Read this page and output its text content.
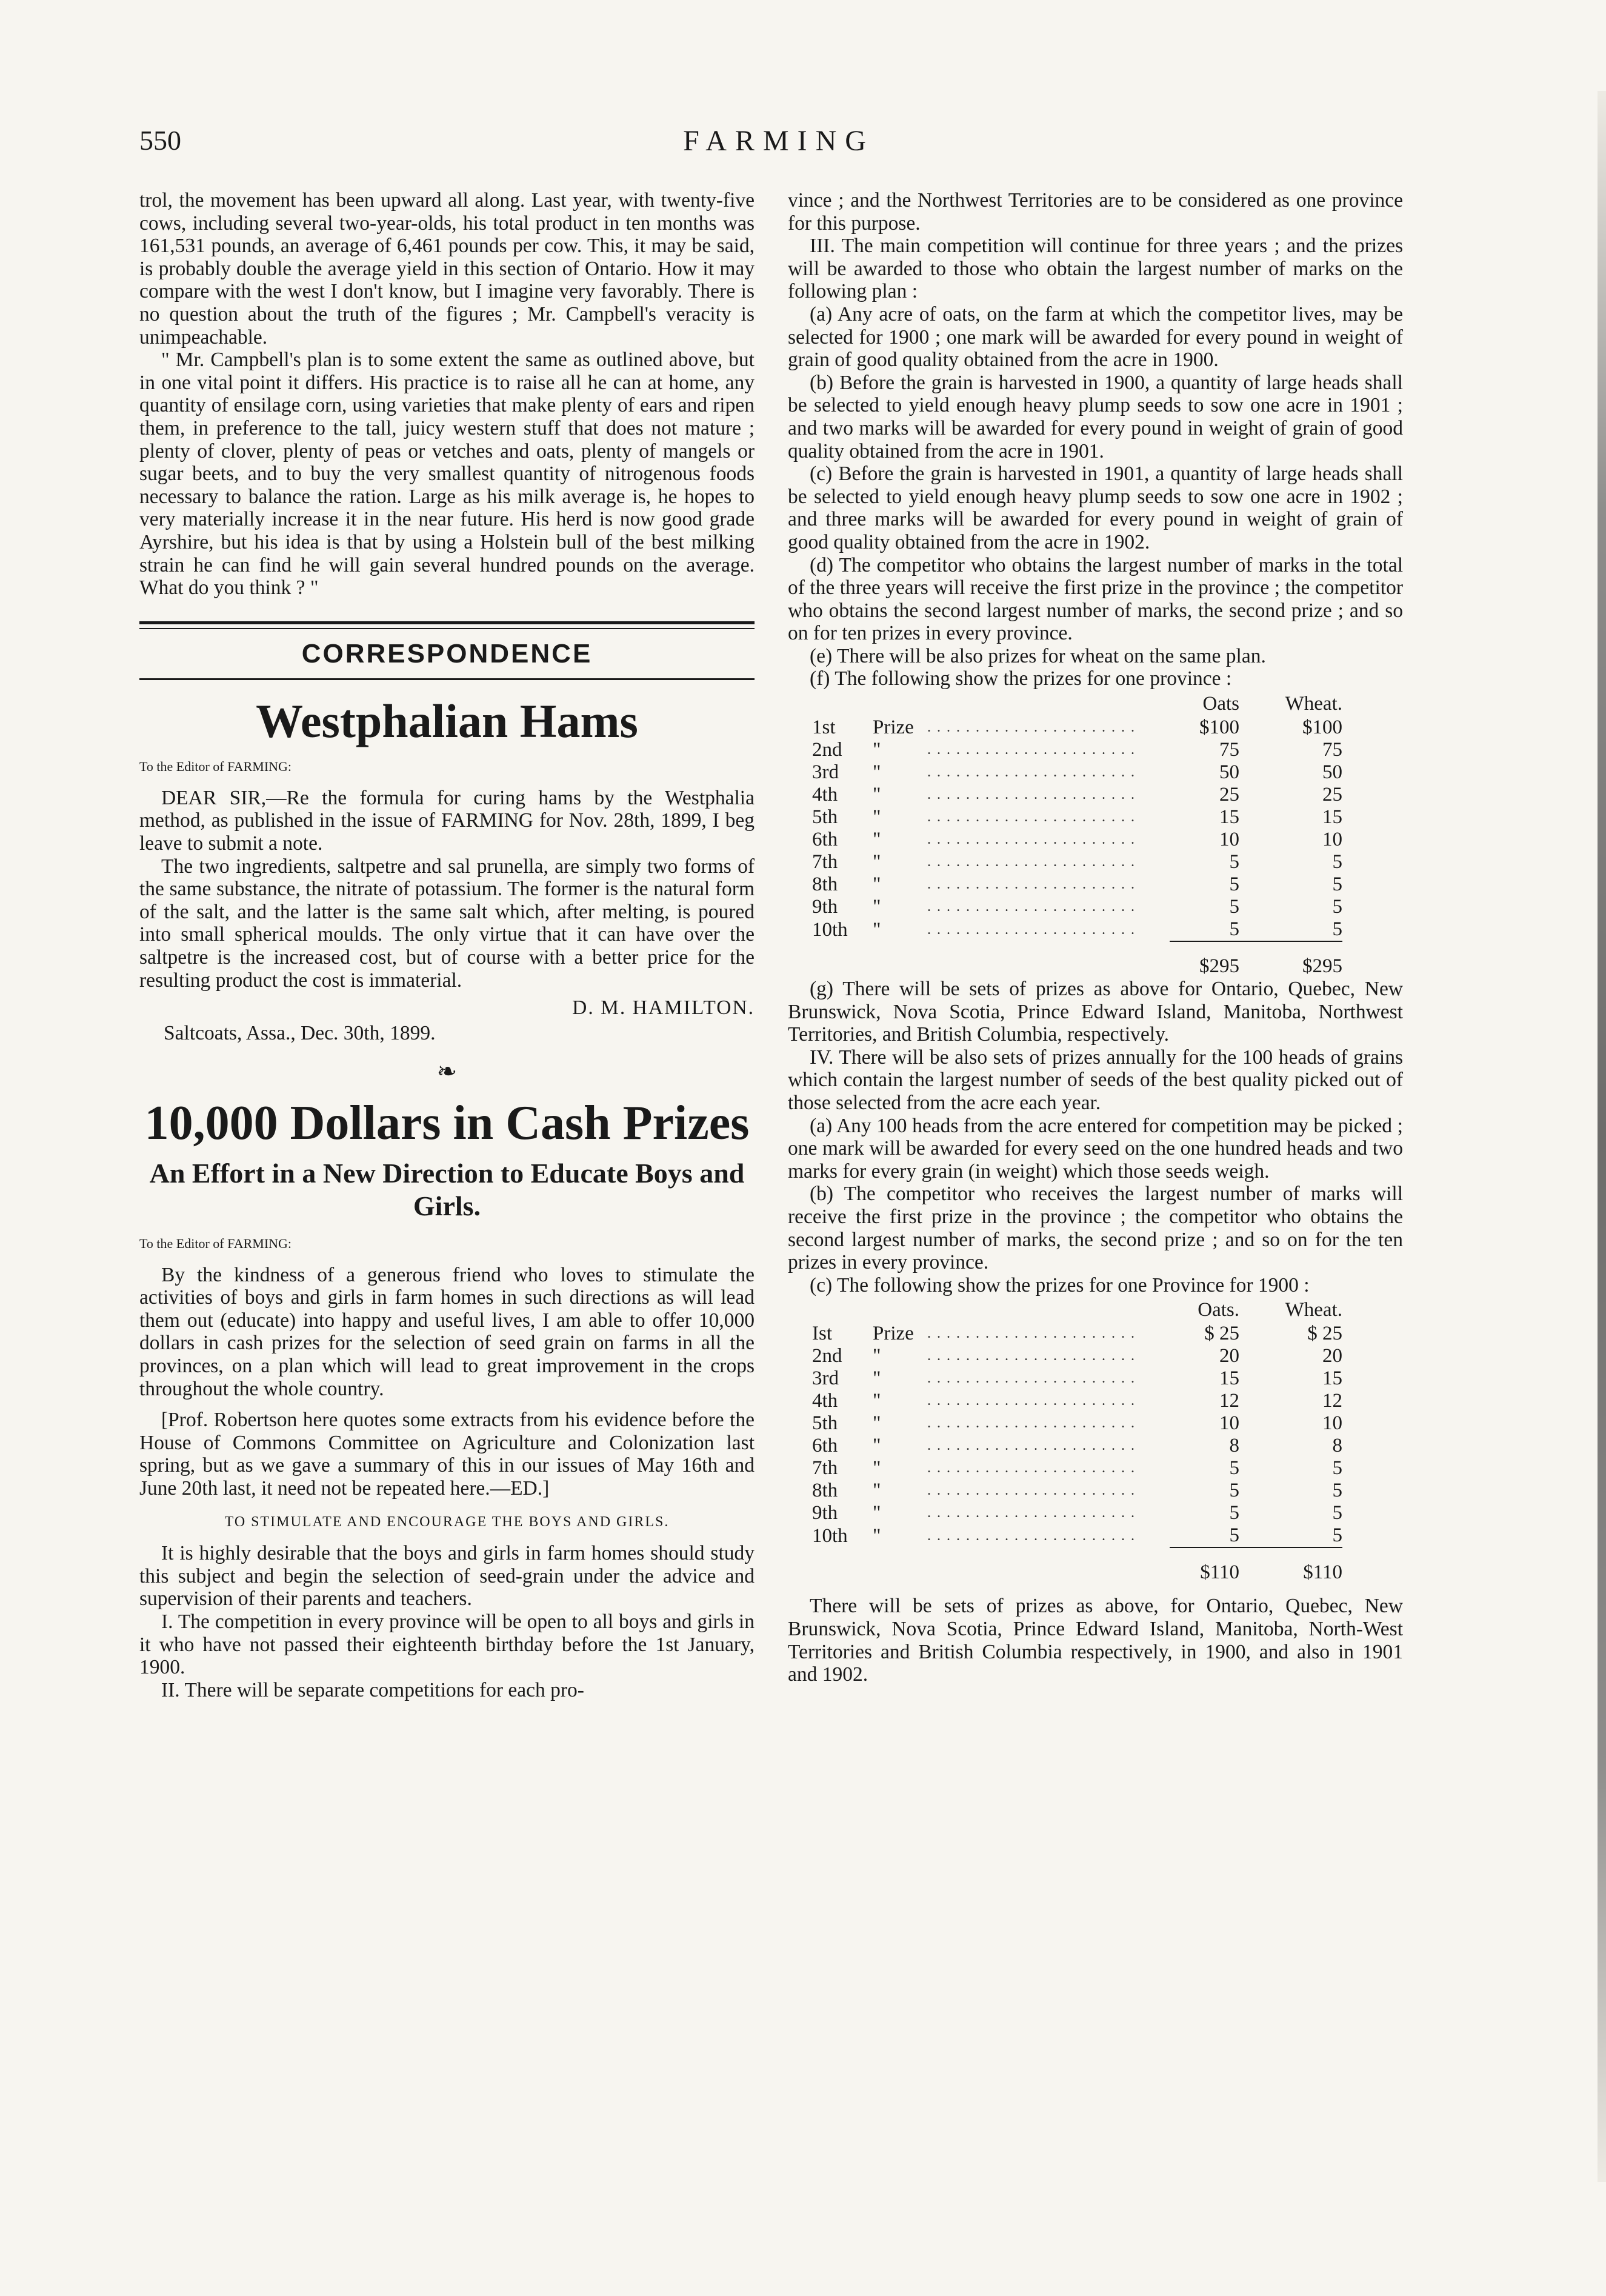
550	FARMING

trol, the movement has been upward all along. Last year, with twenty-five cows, including several two-year-olds, his total product in ten months was 161,531 pounds, an average of 6,461 pounds per cow. This, it may be said, is probably double the average yield in this section of Ontario. How it may compare with the west I don't know, but I imagine very favorably. There is no question about the truth of the figures ; Mr. Campbell's veracity is unimpeachable.

" Mr. Campbell's plan is to some extent the same as outlined above, but in one vital point it differs. His practice is to raise all he can at home, any quantity of ensilage corn, using varieties that make plenty of ears and ripen them, in preference to the tall, juicy western stuff that does not mature ; plenty of clover, plenty of peas or vetches and oats, plenty of mangels or sugar beets, and to buy the very smallest quantity of nitrogenous foods necessary to balance the ration. Large as his milk average is, he hopes to very materially increase it in the near future. His herd is now good grade Ayrshire, but his idea is that by using a Holstein bull of the best milking strain he can find he will gain several hundred pounds on the average. What do you think ? "

CORRESPONDENCE
Westphalian Hams

To the Editor of FARMING:

DEAR SIR,—Re the formula for curing hams by the Westphalia method, as published in the issue of FARMING for Nov. 28th, 1899, I beg leave to submit a note.

The two ingredients, saltpetre and sal prunella, are simply two forms of the same substance, the nitrate of potassium. The former is the natural form of the salt, and the latter is the same salt which, after melting, is poured into small spherical moulds. The only virtue that it can have over the saltpetre is the increased cost, but of course with a better price for the resulting product the cost is immaterial.

D. M. HAMILTON.

Saltcoats, Assa., Dec. 30th, 1899.

❧
10,000 Dollars in Cash Prizes
An Effort in a New Direction to Educate Boys and Girls.

To the Editor of FARMING:

By the kindness of a generous friend who loves to stimulate the activities of boys and girls in farm homes in such directions as will lead them out (educate) into happy and useful lives, I am able to offer 10,000 dollars in cash prizes for the selection of seed grain on farms in all the provinces, on a plan which will lead to great improvement in the crops throughout the whole country.

[Prof. Robertson here quotes some extracts from his evidence before the House of Commons Committee on Agriculture and Colonization last spring, but as we gave a summary of this in our issues of May 16th and June 20th last, it need not be repeated here.—ED.]

TO STIMULATE AND ENCOURAGE THE BOYS AND GIRLS.

It is highly desirable that the boys and girls in farm homes should study this subject and begin the selection of seed-grain under the advice and supervision of their parents and teachers.

I. The competition in every province will be open to all boys and girls in it who have not passed their eighteenth birthday before the 1st January, 1900.

II. There will be separate competitions for each pro-

vince ; and the Northwest Territories are to be considered as one province for this purpose.

III. The main competition will continue for three years ; and the prizes will be awarded to those who obtain the largest number of marks on the following plan :

(a) Any acre of oats, on the farm at which the competitor lives, may be selected for 1900 ; one mark will be awarded for every pound in weight of grain of good quality obtained from the acre in 1900.

(b) Before the grain is harvested in 1900, a quantity of large heads shall be selected to yield enough heavy plump seeds to sow one acre in 1901 ; and two marks will be awarded for every pound in weight of grain of good quality obtained from the acre in 1901.

(c) Before the grain is harvested in 1901, a quantity of large heads shall be selected to yield enough heavy plump seeds to sow one acre in 1902 ; and three marks will be awarded for every pound in weight of grain of good quality obtained from the acre in 1902.

(d) The competitor who obtains the largest number of marks in the total of the three years will receive the first prize in the province ; the competitor who obtains the second largest number of marks, the second prize ; and so on for ten prizes in every province.

(e) There will be also prizes for wheat on the same plan.

(f) The following show the prizes for one province :

			Oats	Wheat.
1st	Prize	. . . . . . . . . . . . . . . . . . . . . .	$100	$100
2nd	"	. . . . . . . . . . . . . . . . . . . . . .	75	75
3rd	"	. . . . . . . . . . . . . . . . . . . . . .	50	50
4th	"	. . . . . . . . . . . . . . . . . . . . . .	25	25
5th	"	. . . . . . . . . . . . . . . . . . . . . .	15	15
6th	"	. . . . . . . . . . . . . . . . . . . . . .	10	10
7th	"	. . . . . . . . . . . . . . . . . . . . . .	5	5
8th	"	. . . . . . . . . . . . . . . . . . . . . .	5	5
9th	"	. . . . . . . . . . . . . . . . . . . . . .	5	5
10th	"	. . . . . . . . . . . . . . . . . . . . . .	5	5
			$295	$295

(g) There will be sets of prizes as above for Ontario, Quebec, New Brunswick, Nova Scotia, Prince Edward Island, Manitoba, Northwest Territories, and British Columbia, respectively.

IV. There will be also sets of prizes annually for the 100 heads of grains which contain the largest number of seeds of the best quality picked out of those selected from the acre each year.

(a) Any 100 heads from the acre entered for competition may be picked ; one mark will be awarded for every seed on the one hundred heads and two marks for every grain (in weight) which those seeds weigh.

(b) The competitor who receives the largest number of marks will receive the first prize in the province ; the competitor who obtains the second largest number of marks, the second prize ; and so on for the ten prizes in every province.

(c) The following show the prizes for one Province for 1900 :

			Oats.	Wheat.
Ist	Prize	. . . . . . . . . . . . . . . . . . . . . .	$ 25	$ 25
2nd	"	. . . . . . . . . . . . . . . . . . . . . .	20	20
3rd	"	. . . . . . . . . . . . . . . . . . . . . .	15	15
4th	"	. . . . . . . . . . . . . . . . . . . . . .	12	12
5th	"	. . . . . . . . . . . . . . . . . . . . . .	10	10
6th	"	. . . . . . . . . . . . . . . . . . . . . .	8	8
7th	"	. . . . . . . . . . . . . . . . . . . . . .	5	5
8th	"	. . . . . . . . . . . . . . . . . . . . . .	5	5
9th	"	. . . . . . . . . . . . . . . . . . . . . .	5	5
10th	"	. . . . . . . . . . . . . . . . . . . . . .	5	5
			$110	$110

There will be sets of prizes as above, for Ontario, Quebec, New Brunswick, Nova Scotia, Prince Edward Island, Manitoba, North-West Territories and British Columbia respectively, in 1900, and also in 1901 and 1902.
